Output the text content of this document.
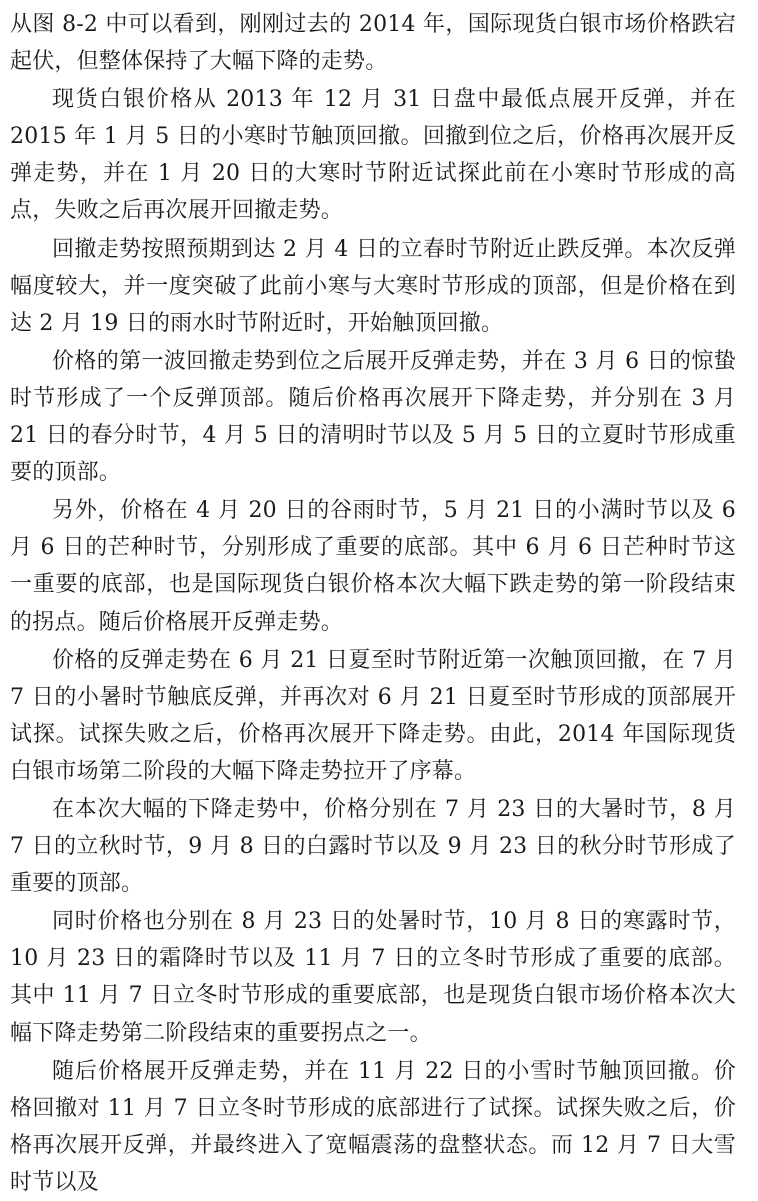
从图 8-2 中可以看到，刚刚过去的 2014 年，国际现货白银市场价格跌宕起伏，但整体保持了大幅下降的走势。

现货白银价格从 2013 年 12 月 31 日盘中最低点展开反弹，并在 2015 年 1 月 5 日的小寒时节触顶回撤。回撤到位之后，价格再次展开反弹走势，并在 1 月 20 日的大寒时节附近试探此前在小寒时节形成的高点，失败之后再次展开回撤走势。

回撤走势按照预期到达 2 月 4 日的立春时节附近止跌反弹。本次反弹幅度较大，并一度突破了此前小寒与大寒时节形成的顶部，但是价格在到达 2 月 19 日的雨水时节附近时，开始触顶回撤。

价格的第一波回撤走势到位之后展开反弹走势，并在 3 月 6 日的惊蛰时节形成了一个反弹顶部。随后价格再次展开下降走势，并分别在 3 月 21 日的春分时节，4 月 5 日的清明时节以及 5 月 5 日的立夏时节形成重要的顶部。

另外，价格在 4 月 20 日的谷雨时节，5 月 21 日的小满时节以及 6 月 6 日的芒种时节，分别形成了重要的底部。其中 6 月 6 日芒种时节这一重要的底部，也是国际现货白银价格本次大幅下跌走势的第一阶段结束的拐点。随后价格展开反弹走势。

价格的反弹走势在 6 月 21 日夏至时节附近第一次触顶回撤，在 7 月 7 日的小暑时节触底反弹，并再次对 6 月 21 日夏至时节形成的顶部展开试探。试探失败之后，价格再次展开下降走势。由此，2014 年国际现货白银市场第二阶段的大幅下降走势拉开了序幕。

在本次大幅的下降走势中，价格分别在 7 月 23 日的大暑时节，8 月 7 日的立秋时节，9 月 8 日的白露时节以及 9 月 23 日的秋分时节形成了重要的顶部。

同时价格也分别在 8 月 23 日的处暑时节，10 月 8 日的寒露时节，10 月 23 日的霜降时节以及 11 月 7 日的立冬时节形成了重要的底部。其中 11 月 7 日立冬时节形成的重要底部，也是现货白银市场价格本次大幅下降走势第二阶段结束的重要拐点之一。

随后价格展开反弹走势，并在 11 月 22 日的小雪时节触顶回撤。价格回撤对 11 月 7 日立冬时节形成的底部进行了试探。试探失败之后，价格再次展开反弹，并最终进入了宽幅震荡的盘整状态。而 12 月 7 日大雪时节以及
